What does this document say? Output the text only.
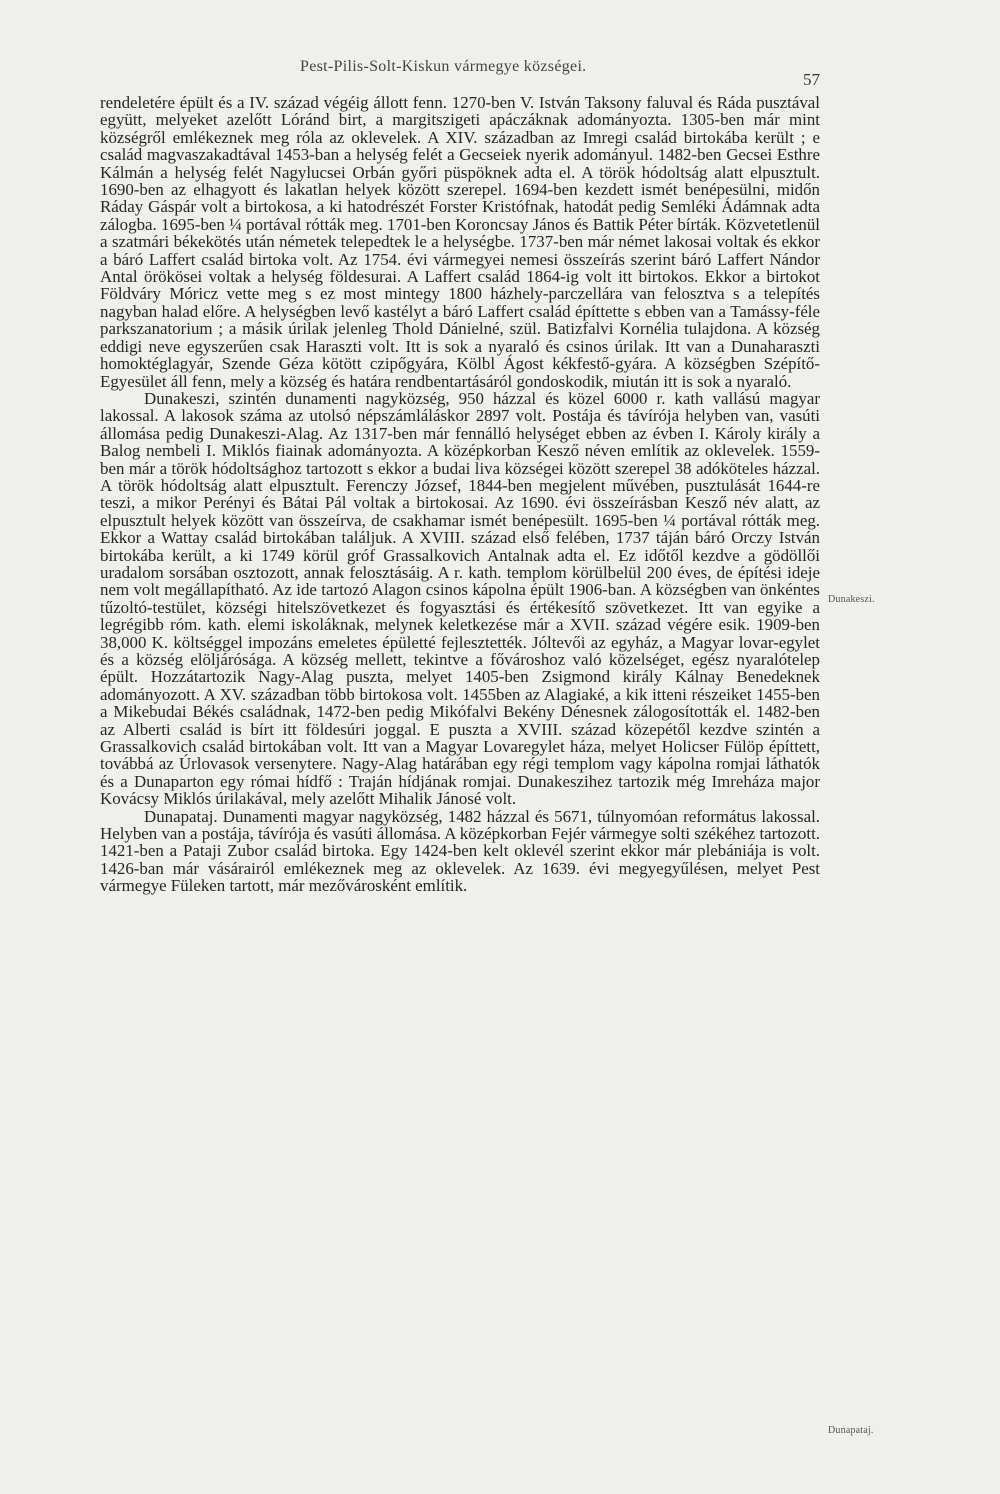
Pest-Pilis-Solt-Kiskun vármegye községei.
57

rendeletére épült és a IV. század végéig állott fenn. 1270-ben V. István Taksony faluval és Ráda pusztával együtt, melyeket azelőtt Lóránd birt, a margitszigeti apáczáknak adományozta. 1305-ben már mint községről emlékeznek meg róla az oklevelek. A XIV. században az Imregi család birtokába került ; e család magvaszakadtával 1453-ban a helység felét a Gecseiek nyerik adományul. 1482-ben Gecsei Esthre Kálmán a helység felét Nagylucsei Orbán győri püspöknek adta el. A török hódoltság alatt elpusztult. 1690-ben az elhagyott és lakatlan helyek között szerepel. 1694-ben kezdett ismét benépesülni, midőn Ráday Gáspár volt a birtokosa, a ki hatodrészét Forster Kristófnak, hatodát pedig Semléki Ádámnak adta zálogba. 1695-ben ¼ portával rótták meg. 1701-ben Koroncsay János és Battik Péter bírták. Közvetetlenül a szatmári békekötés után németek telepedtek le a helységbe. 1737-ben már német lakosai voltak és ekkor a báró Laffert család birtoka volt. Az 1754. évi vármegyei nemesi összeírás szerint báró Laffert Nándor Antal örökösei voltak a helység földesurai. A Laffert család 1864-ig volt itt birtokos. Ekkor a birtokot Földváry Móricz vette meg s ez most mintegy 1800 házhely-parczellára van felosztva s a telepítés nagyban halad előre. A helységben levő kastélyt a báró Laffert család építtette s ebben van a Tamássy-féle parkszanatorium ; a másik úrilak jelenleg Thold Dánielné, szül. Batizfalvi Kornélia tulajdona. A község eddigi neve egyszerűen csak Haraszti volt. Itt is sok a nyaraló és csinos úrilak. Itt van a Dunaharaszti homoktéglagyár, Szende Géza kötött czipőgyára, Kölbl Ágost kékfestő-gyára. A községben Szépítő-Egyesület áll fenn, mely a község és határa rendbentartásáról gondoskodik, miután itt is sok a nyaraló.

Dunakeszi, szintén dunamenti nagyközség, 950 házzal és közel 6000 r. kath vallású magyar lakossal. A lakosok száma az utolsó népszámláláskor 2897 volt. Postája és távírója helyben van, vasúti állomása pedig Dunakeszi-Alag. Az 1317-ben már fennálló helységet ebben az évben I. Károly király a Balog nembeli I. Miklós fiainak adományozta. A középkorban Kesző néven említik az oklevelek. 1559-ben már a török hódoltsághoz tartozott s ekkor a budai liva községei között szerepel 38 adóköteles házzal. A török hódoltság alatt elpusztult. Ferenczy József, 1844-ben megjelent művében, pusztulását 1644-re teszi, a mikor Perényi és Bátai Pál voltak a birtokosai. Az 1690. évi összeírásban Kesző név alatt, az elpusztult helyek között van összeírva, de csakhamar ismét benépesült. 1695-ben ¼ portával rótták meg. Ekkor a Wattay család birtokában találjuk. A XVIII. század első felében, 1737 táján báró Orczy István birtokába került, a ki 1749 körül gróf Grassalkovich Antalnak adta el. Ez időtől kezdve a gödöllői uradalom sorsában osztozott, annak felosztásáig. A r. kath. templom körülbelül 200 éves, de építési ideje nem volt megállapítható. Az ide tartozó Alagon csinos kápolna épült 1906-ban. A községben van önkéntes tűzoltó-testület, községi hitelszövetkezet és fogyasztási és értékesítő szövetkezet. Itt van egyike a legrégibb róm. kath. elemi iskoláknak, melynek keletkezése már a XVII. század végére esik. 1909-ben 38,000 K. költséggel impozáns emeletes épületté fejlesztették. Jóltevői az egyház, a Magyar lovar-egylet és a község elöljárósága. A község mellett, tekintve a fővároshoz való közelséget, egész nyaralótelep épült. Hozzátartozik Nagy-Alag puszta, melyet 1405-ben Zsigmond király Kálnay Benedeknek adományozott. A XV. században több birtokosa volt. 1455ben az Alagiaké, a kik itteni részeiket 1455-ben a Mikebudai Békés családnak, 1472-ben pedig Mikófalvi Bekény Dénesnek zálogosították el. 1482-ben az Alberti család is bírt itt földesúri joggal. E puszta a XVIII. század közepétől kezdve szintén a Grassalkovich család birtokában volt. Itt van a Magyar Lovaregylet háza, melyet Holicser Fülöp építtett, továbbá az Úrlovasok versenytere. Nagy-Alag határában egy régi templom vagy kápolna romjai láthatók és a Dunaparton egy római hídfő : Traján hídjának romjai. Dunakeszihez tartozik még Imreháza major Kovácsy Miklós úrilakával, mely azelőtt Mihalik Jánosé volt.

Dunapataj. Dunamenti magyar nagyközség, 1482 házzal és 5671, túlnyomóan református lakossal. Helyben van a postája, távírója és vasúti állomása. A középkorban Fejér vármegye solti székéhez tartozott. 1421-ben a Pataji Zubor család birtoka. Egy 1424-ben kelt oklevél szerint ekkor már plebániája is volt. 1426-ban már vásárairól emlékeznek meg az oklevelek. Az 1639. évi megyegyűlésen, melyet Pest vármegye Füleken tartott, már mezővárosként említik.

Dunakeszi.
Dunapataj.
